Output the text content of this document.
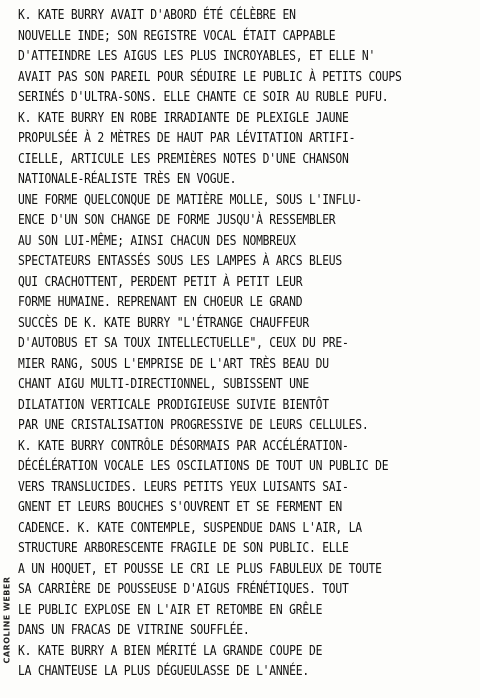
K. KATE BURRY AVAIT D'ABORD ÉTÉ CÉLÈBRE EN
NOUVELLE INDE; SON REGISTRE VOCAL ÉTAIT CAPPABLE
D'ATTEINDRE LES AIGUS LES PLUS INCROYABLES, ET ELLE N'
AVAIT PAS SON PAREIL POUR SÉDUIRE LE PUBLIC À PETITS COUPS
SERINÉS D'ULTRA-SONS. ELLE CHANTE CE SOIR AU RUBLE PUFU.
K. KATE BURRY EN ROBE IRRADIANTE DE PLEXIGLE JAUNE
PROPULSÉE À 2 MÈTRES DE HAUT PAR LÉVITATION ARTIFI-
CIELLE, ARTICULE LES PREMIÈRES NOTES D'UNE CHANSON
NATIONALE-RÉALISTE TRÈS EN VOGUE.
UNE FORME QUELCONQUE DE MATIÈRE MOLLE, SOUS L'INFLU-
ENCE D'UN SON CHANGE DE FORME JUSQU'À RESSEMBLER
AU SON LUI-MÊME; AINSI CHACUN DES NOMBREUX
SPECTATEURS ENTASSÉS SOUS LES LAMPES À ARCS BLEUS
QUI CRACHOTTENT, PERDENT PETIT À PETIT LEUR
FORME HUMAINE. REPRENANT EN CHOEUR LE GRAND
SUCCÈS DE K. KATE BURRY "L'ÉTRANGE CHAUFFEUR
D'AUTOBUS ET SA TOUX INTELLECTUELLE", CEUX DU PRE-
MIER RANG, SOUS L'EMPRISE DE L'ART TRÈS BEAU DU
CHANT AIGU MULTI-DIRECTIONNEL, SUBISSENT UNE
DILATATION VERTICALE PRODIGIEUSE SUIVIE BIENTÔT
PAR UNE CRISTALISATION PROGRESSIVE DE LEURS CELLULES.
K. KATE BURRY CONTRÔLE DÉSORMAIS PAR ACCÉLÉRATION-
DÉCÉLÉRATION VOCALE LES OSCILATIONS DE TOUT UN PUBLIC DE
VERS TRANSLUCIDES. LEURS PETITS YEUX LUISANTS SAI-
GNENT ET LEURS BOUCHES S'OUVRENT ET SE FERMENT EN
CADENCE. K. KATE CONTEMPLE, SUSPENDUE DANS L'AIR, LA
STRUCTURE ARBORESCENTE FRAGILE DE SON PUBLIC. ELLE
A UN HOQUET, ET POUSSE LE CRI LE PLUS FABULEUX DE TOUTE
SA CARRIÈRE DE POUSSEUSE D'AIGUS FRÉNÉTIQUES. TOUT
LE PUBLIC EXPLOSE EN L'AIR ET RETOMBE EN GRÊLE
DANS UN FRACAS DE VITRINE SOUFFLÉE.
K. KATE BURRY A BIEN MÉRITÉ LA GRANDE COUPE DE
LA CHANTEUSE LA PLUS DÉGUEULASSE DE L'ANNÉE.
CAROLINE WEBER
